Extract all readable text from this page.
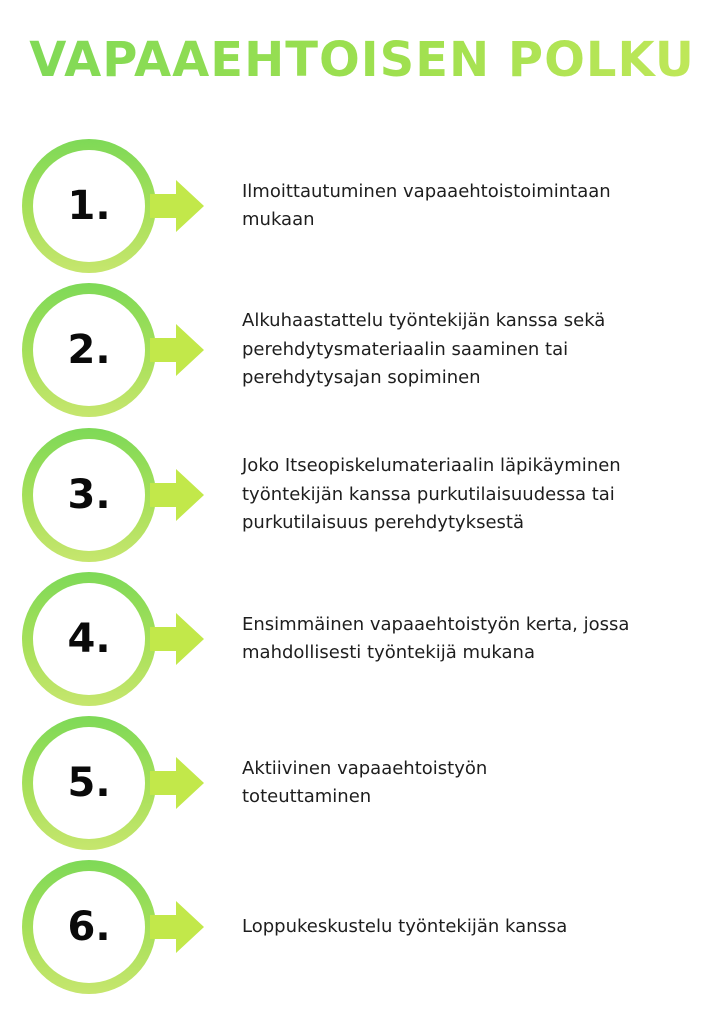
VAPAAEHTOISEN POLKU
1.	Ilmoittautuminen vapaaehtoistoimintaan mukaan
2.
Alkuhaastattelu työntekijän kanssa sekä perehdytysmateriaalin saaminen tai perehdytysajan sopiminen
3.
Joko Itseopiskelumateriaalin läpikäyminen työntekijän kanssa purkutilaisuudessa tai purkutilaisuus perehdytyksestä
4.	Ensimmäinen vapaaehtoistyön kerta, jossa mahdollisesti työntekijä mukana
5.	Aktiivinen vapaaehtoistyön toteuttaminen
6.	Loppukeskustelu työntekijän kanssa
